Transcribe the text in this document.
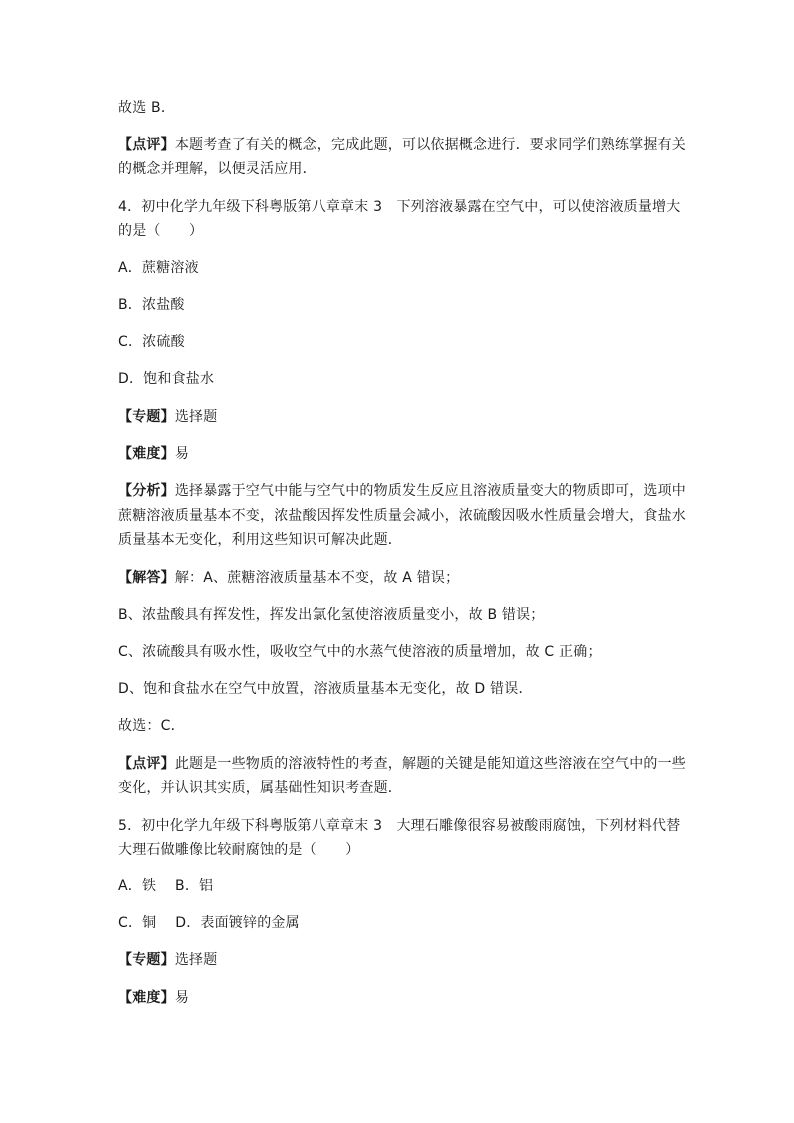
故选 B．
【点评】本题考查了有关的概念，完成此题，可以依据概念进行．要求同学们熟练掌握有关
的概念并理解，以便灵活应用．
4．初中化学九年级下科粤版第八章章末 3　下列溶液暴露在空气中，可以使溶液质量增大
的是（　　）
A．蔗糖溶液
B．浓盐酸
C．浓硫酸
D．饱和食盐水
【专题】选择题
【难度】易
【分析】选择暴露于空气中能与空气中的物质发生反应且溶液质量变大的物质即可，选项中
蔗糖溶液质量基本不变，浓盐酸因挥发性质量会减小，浓硫酸因吸水性质量会增大，食盐水
质量基本无变化，利用这些知识可解决此题．
【解答】解：A、蔗糖溶液质量基本不变，故 A 错误；
B、浓盐酸具有挥发性，挥发出氯化氢使溶液质量变小，故 B 错误；
C、浓硫酸具有吸水性，吸收空气中的水蒸气使溶液的质量增加，故 C 正确；
D、饱和食盐水在空气中放置，溶液质量基本无变化，故 D 错误．
故选：C．
【点评】此题是一些物质的溶液特性的考查，解题的关键是能知道这些溶液在空气中的一些
变化，并认识其实质，属基础性知识考查题．
5．初中化学九年级下科粤版第八章章末 3　大理石雕像很容易被酸雨腐蚀，下列材料代替
大理石做雕像比较耐腐蚀的是（　　）
A．铁　 B．铝
C．铜　 D．表面镀锌的金属
【专题】选择题
【难度】易
